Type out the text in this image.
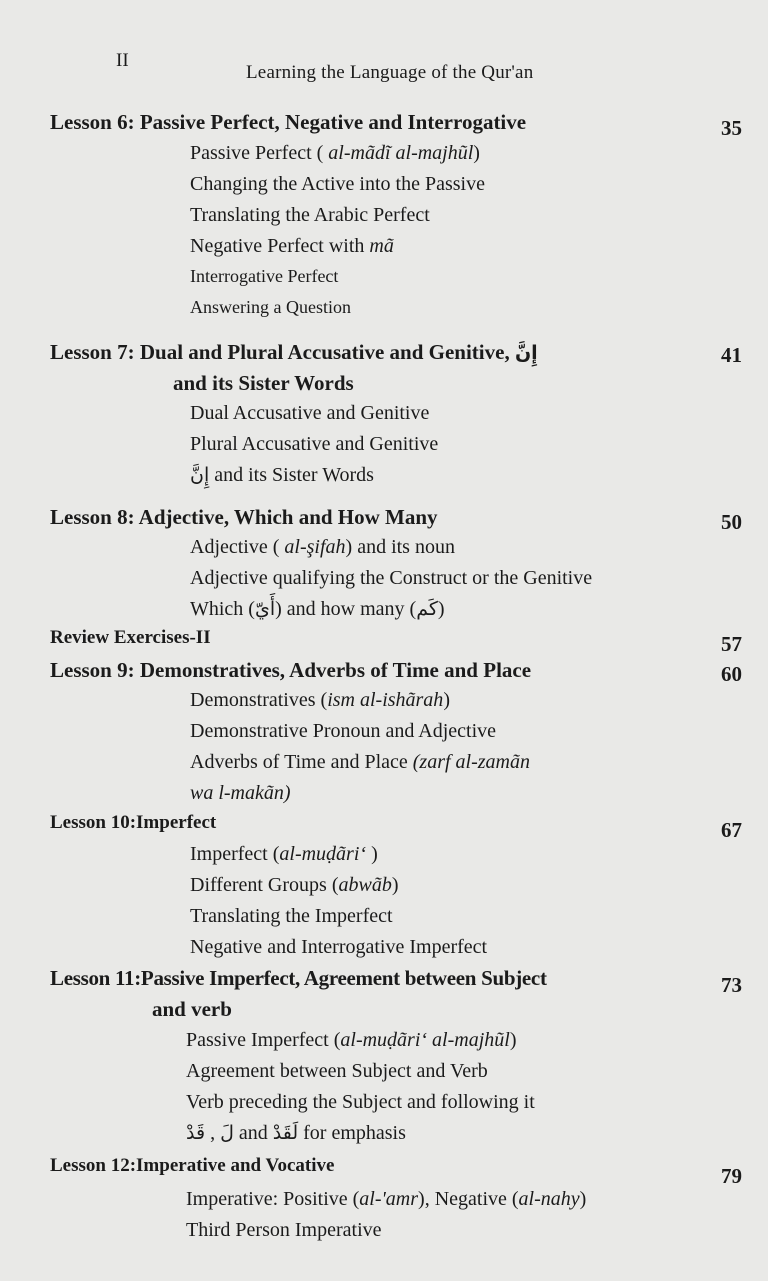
II
Learning the Language of the Qur'an
Lesson 6: Passive Perfect, Negative and Interrogative	35
Passive Perfect ( al-mãdĩ al-majhũl)
Changing the Active into the Passive
Translating the Arabic Perfect
Negative Perfect with mã
Interrogative Perfect
Answering a Question
Lesson 7: Dual and Plural Accusative and Genitive, إِنَّ	41
and its Sister Words
Dual Accusative and Genitive
Plural Accusative and Genitive
إِنَّ and its Sister Words
Lesson 8: Adjective, Which and How Many	50
Adjective ( al-şifah) and its noun
Adjective qualifying the Construct or the Genitive
Which (أَيّ) and how many (كَم)
Review Exercises-II	57
Lesson 9: Demonstratives, Adverbs of Time and Place	60
Demonstratives (ism al-ishãrah)
Demonstrative Pronoun and Adjective
Adverbs of Time and Place (zarf al-zamãn
wa l-makãn)
Lesson 10:Imperfect	67
Imperfect (al-muḍãri‘ )
Different Groups (abwãb)
Translating the Imperfect
Negative and Interrogative Imperfect
Lesson 11:Passive Imperfect, Agreement between Subject	73
and verb
Passive Imperfect (al-muḍãri‘ al-majhũl)
Agreement between Subject and Verb
Verb preceding the Subject and following it
لَ , قَدْ and لَقَدْ for emphasis
Lesson 12:Imperative and Vocative	79
Imperative: Positive (al-'amr), Negative (al-nahy)
Third Person Imperative
